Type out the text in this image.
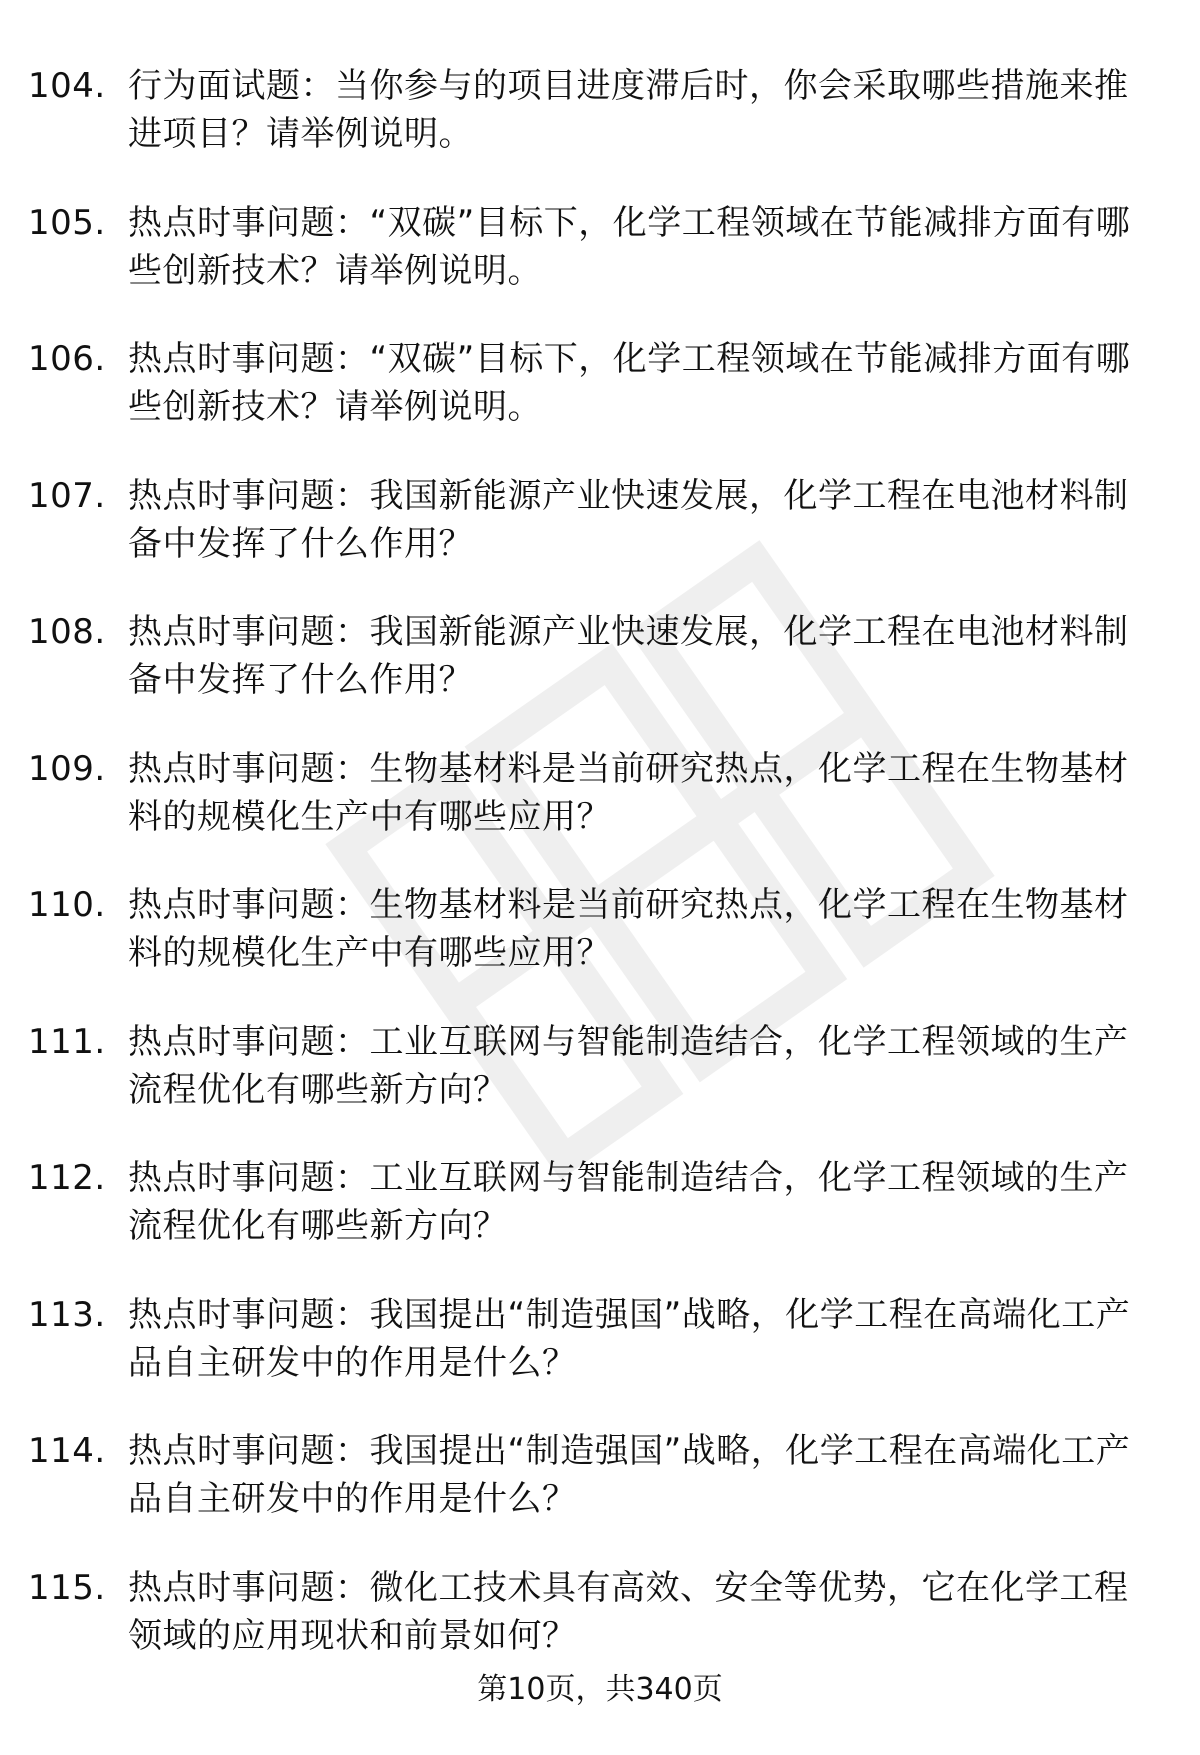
104. 行为面试题：当你参与的项目进度滞后时，你会采取哪些措施来推进项目？请举例说明。
105. 热点时事问题：“双碳”目标下，化学工程领域在节能减排方面有哪些创新技术？请举例说明。
106. 热点时事问题：“双碳”目标下，化学工程领域在节能减排方面有哪些创新技术？请举例说明。
107. 热点时事问题：我国新能源产业快速发展，化学工程在电池材料制备中发挥了什么作用？
108. 热点时事问题：我国新能源产业快速发展，化学工程在电池材料制备中发挥了什么作用？
109. 热点时事问题：生物基材料是当前研究热点，化学工程在生物基材料的规模化生产中有哪些应用？
110. 热点时事问题：生物基材料是当前研究热点，化学工程在生物基材料的规模化生产中有哪些应用？
111. 热点时事问题：工业互联网与智能制造结合，化学工程领域的生产流程优化有哪些新方向？
112. 热点时事问题：工业互联网与智能制造结合，化学工程领域的生产流程优化有哪些新方向？
113. 热点时事问题：我国提出“制造强国”战略，化学工程在高端化工产品自主研发中的作用是什么？
114. 热点时事问题：我国提出“制造强国”战略，化学工程在高端化工产品自主研发中的作用是什么？
115. 热点时事问题：微化工技术具有高效、安全等优势，它在化学工程领域的应用现状和前景如何？
第10页，共340页
